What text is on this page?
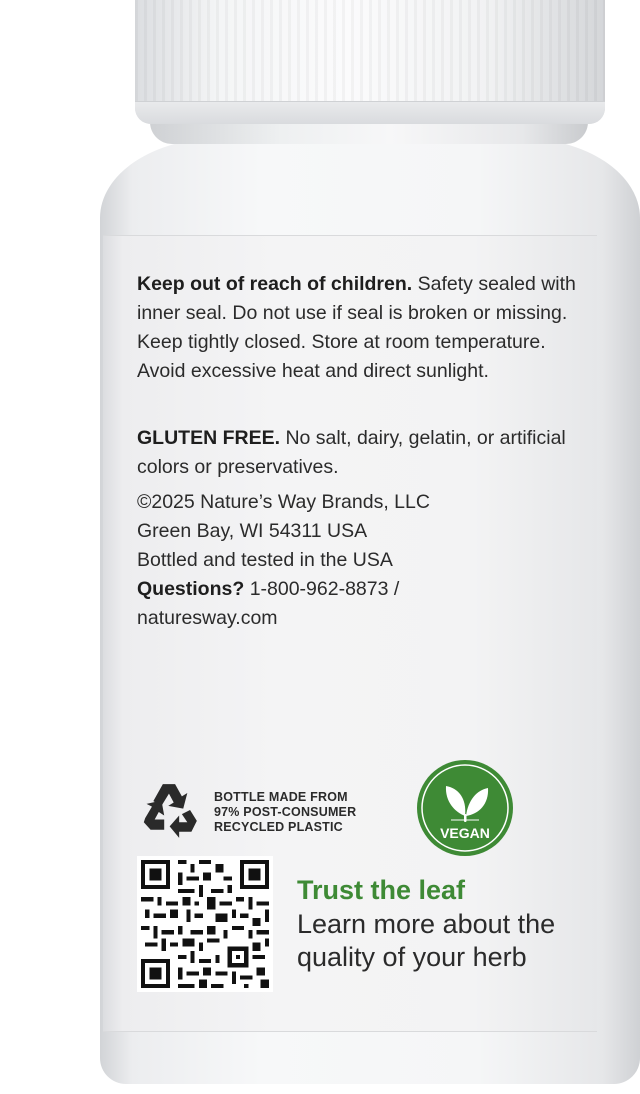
Keep out of reach of children. Safety sealed with inner seal. Do not use if seal is broken or missing. Keep tightly closed. Store at room temperature. Avoid excessive heat and direct sunlight.
GLUTEN FREE. No salt, dairy, gelatin, or artificial colors or preservatives.
©2025 Nature’s Way Brands, LLC
Green Bay, WI 54311 USA
Bottled and tested in the USA
Questions? 1-800-962-8873 /
naturesway.com
BOTTLE MADE FROM
97% POST-CONSUMER
RECYCLED PLASTIC	VEGAN
Trust the leaf
Learn more about the quality of your herb
